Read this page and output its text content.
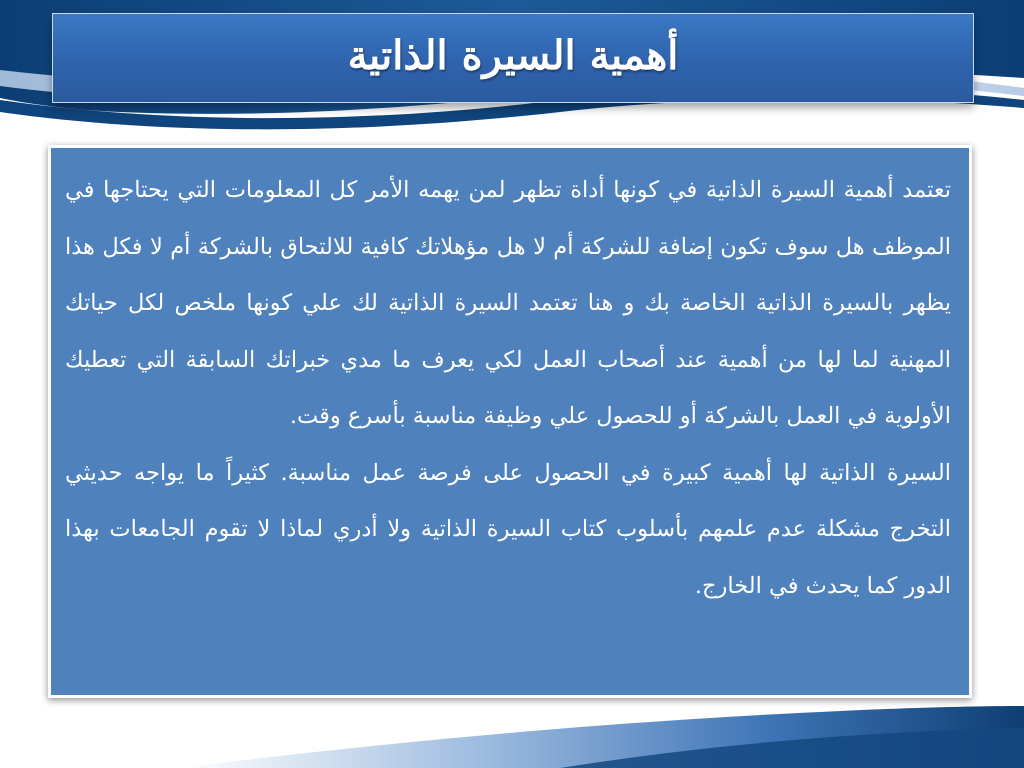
أهمية السيرة الذاتية

تعتمد أهمية السيرة الذاتية في كونها أداة تظهر لمن يهمه الأمر كل المعلومات التي يحتاجها في الموظف هل سوف تكون إضافة للشركة أم لا هل مؤهلاتك كافية للالتحاق بالشركة أم لا فكل هذا يظهر بالسيرة الذاتية الخاصة بك و هنا تعتمد السيرة الذاتية لك علي كونها ملخص لكل حياتك المهنية لما لها من أهمية عند أصحاب العمل لكي يعرف ما مدي خبراتك السابقة التي تعطيك الأولوية في العمل بالشركة أو للحصول علي وظيفة مناسبة بأسرع وقت.

السيرة الذاتية لها أهمية كبيرة في الحصول على فرصة عمل مناسبة. كثيراً ما يواجه حديثي التخرج مشكلة عدم علمهم بأسلوب كتاب السيرة الذاتية ولا أدري لماذا لا تقوم الجامعات بهذا الدور كما يحدث في الخارج.
